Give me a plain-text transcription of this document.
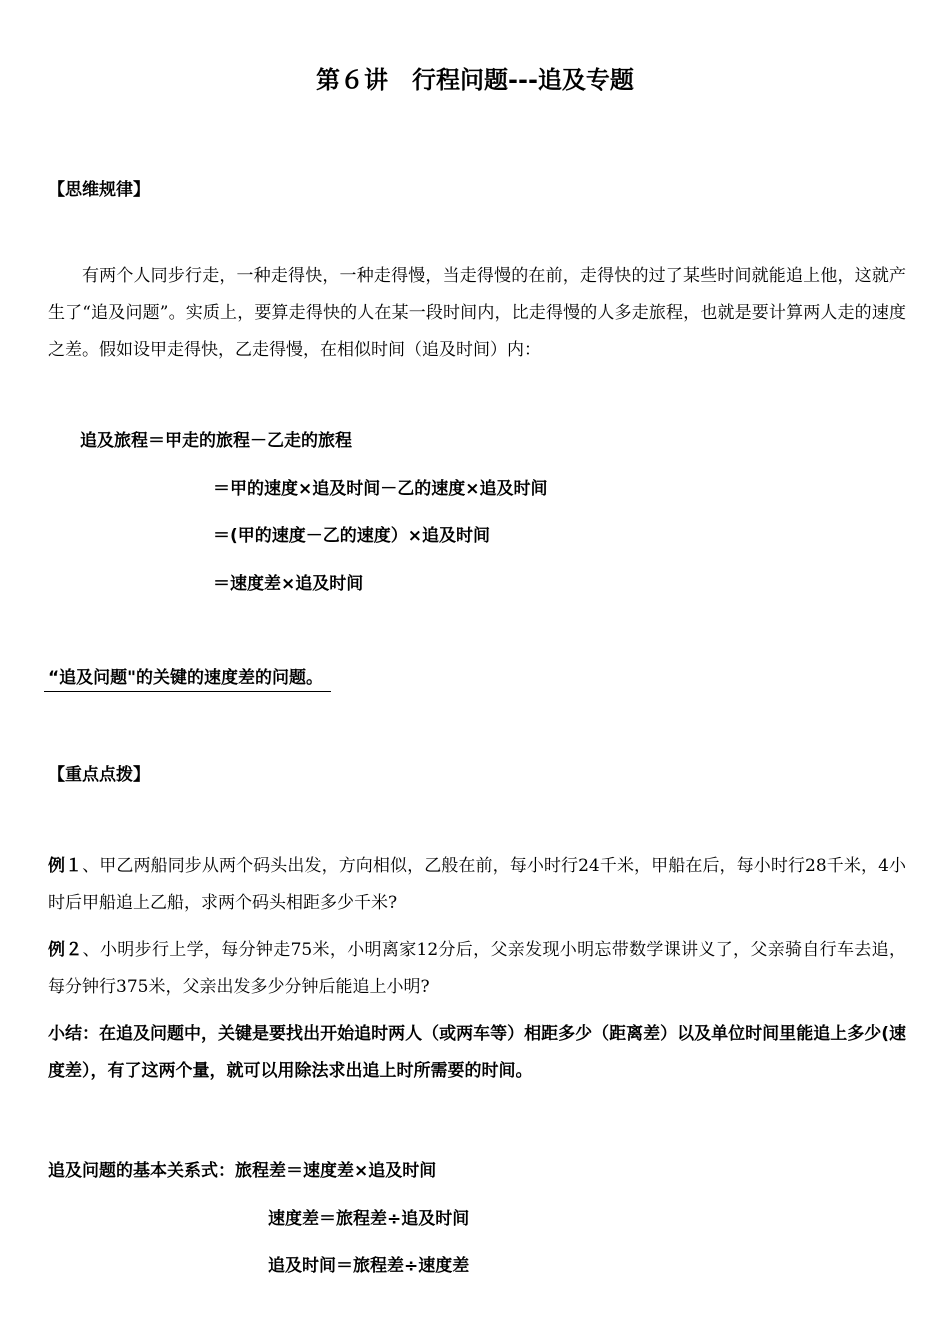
第６讲　行程问题---追及专题
【思维规律】

有两个人同步行走，一种走得快，一种走得慢，当走得慢的在前，走得快的过了某些时间就能追上他，这就产生了“追及问题”。实质上，要算走得快的人在某一段时间内，比走得慢的人多走旅程，也就是要计算两人走的速度之差。假如设甲走得快，乙走得慢，在相似时间（追及时间）内：

追及旅程＝甲走的旅程－乙走的旅程
＝甲的速度×追及时间－乙的速度×追及时间
＝(甲的速度－乙的速度）×追及时间
＝速度差×追及时间
“追及问题"的关键的速度差的问题。
【重点点拨】

例１、甲乙两船同步从两个码头出发，方向相似，乙般在前，每小时行24千米，甲船在后，每小时行28千米，4小时后甲船追上乙船，求两个码头相距多少千米?

例２、小明步行上学，每分钟走75米，小明离家12分后，父亲发现小明忘带数学课讲义了，父亲骑自行车去追，每分钟行375米，父亲出发多少分钟后能追上小明?

小结：在追及问题中，关键是要找出开始追时两人（或两车等）相距多少（距离差）以及单位时间里能追上多少(速度差），有了这两个量，就可以用除法求出追上时所需要的时间。

追及问题的基本关系式：旅程差＝速度差×追及时间
速度差＝旅程差÷追及时间
追及时间＝旅程差÷速度差
